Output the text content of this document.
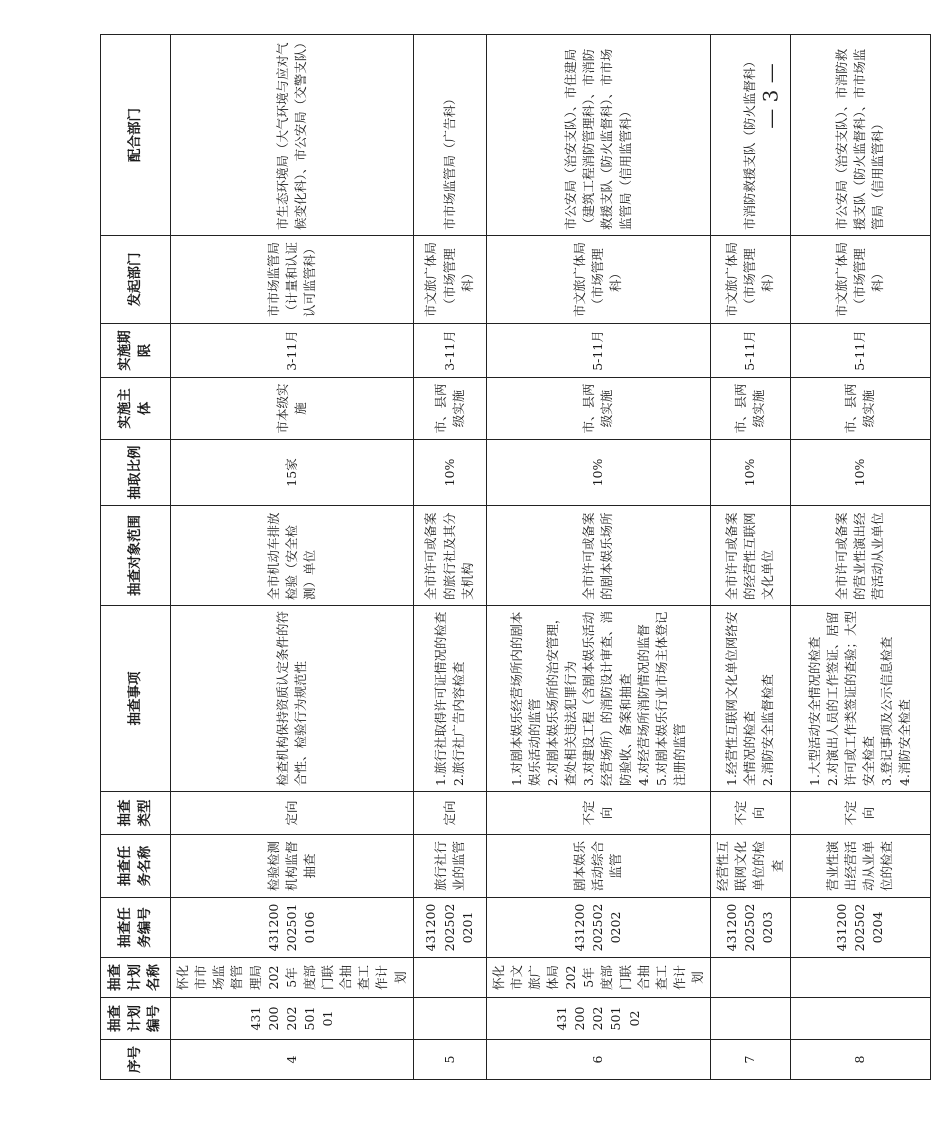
序号	抽查计划编号	抽查计划名称	抽查任务编号	抽查任务名称	抽查类型	抽查事项	抽查对象范围	抽取比例	实施主体	实施期限	发起部门	配合部门
4	43120020250101	怀化市市场监督管理局2025年度部门联合抽查工作计划	4312002025010106	检验检测机构监督抽查	定向	检查机构保持资质认定条件的符合性、检验行为规范性	全市机动车排放检验（安全检测）单位	15家	市本级实施	3-11月	市市场监管局（计量和认证认可监管科）	市生态环境局（大气环境与应对气候变化科）、市公安局（交警支队）
5			4312002025020201	旅行社行业的监管	定向	1.旅行社取得许可证情况的检查
2.旅行社广告内容检查	全市许可或备案的旅行社及其分支机构	10%	市、县两级实施	3-11月	市文旅广体局（市场管理科）	市市场监管局（广告科）
6	43120020250102	怀化市文旅广体局2025年度部门联合抽查工作计划	4312002025020202	剧本娱乐活动综合监管	不定向	1.对剧本娱乐经营场所内的剧本娱乐活动的监管
2.对剧本娱乐场所的治安管理，查处相关违法犯罪行为
3.对建设工程（含剧本娱乐活动经营场所）的消防设计审查、消防验收、备案和抽查
4.对经营场所消防情况的监督
5.对剧本娱乐行业市场主体登记注册的监管	全市许可或备案的剧本娱乐场所	10%	市、县两级实施	5-11月	市文旅广体局（市场管理科）	市公安局（治安支队）、市住建局（建筑工程消防管理科）、市消防救援支队（防火监督科）、市市场监管局（信用监管科）
7			4312002025020203	经营性互联网文化单位的检查	不定向	1.经营性互联网文化单位网络安全情况的检查
2.消防安全监督检查	全市许可或备案的经营性互联网文化单位	10%	市、县两级实施	5-11月	市文旅广体局（市场管理科）	市消防救援支队（防火监督科）
8			4312002025020204	营业性演出经营活动从业单位的检查	不定向	1.大型活动安全情况的检查
2.对演出人员的工作签证、居留许可或工作类签证的查验；大型安全检查
3.登记事项及公示信息检查
4.消防安全检查	全市许可或备案的营业性演出经营活动从业单位	10%	市、县两级实施	5-11月	市文旅广体局（市场管理科）	市公安局（治安支队）、市消防救援支队（防火监督科）、市市场监管局（信用监管科）
— 3 —
